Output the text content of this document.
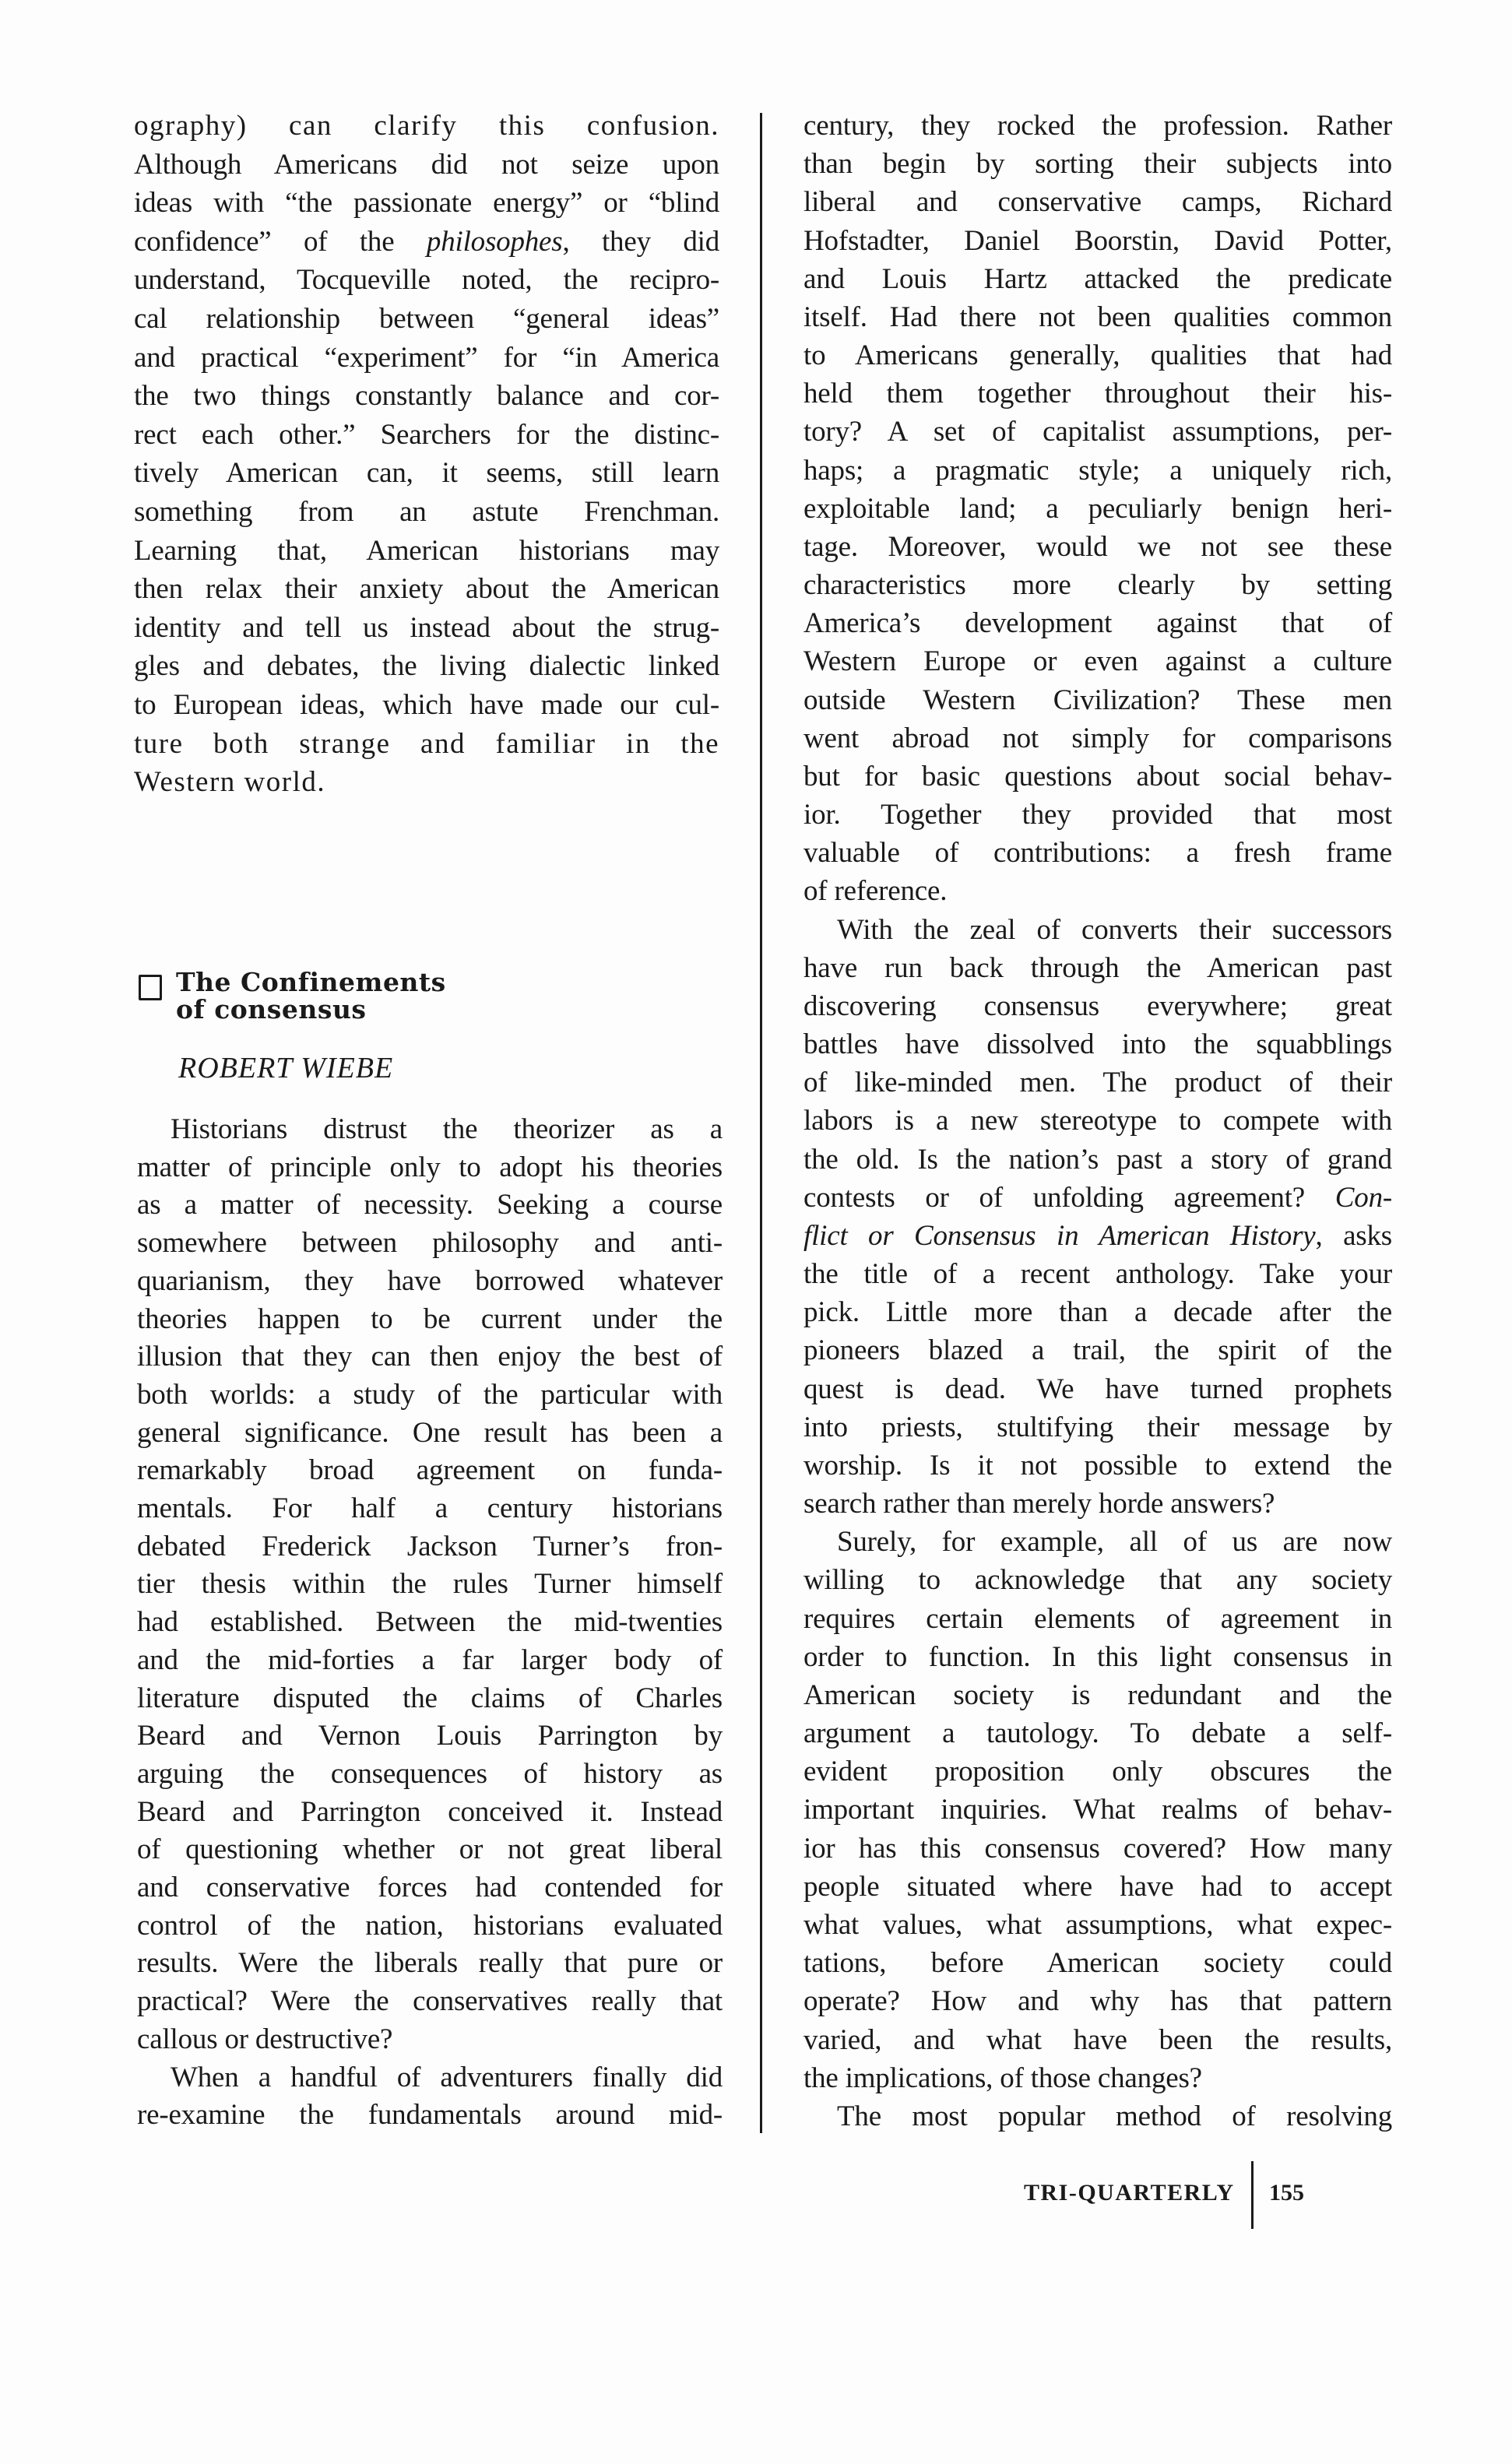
ography) can clarify this confusion.
Although Americans did not seize upon
ideas with “the passionate energy” or “blind
confidence” of the philosophes, they did
understand, Tocqueville noted, the recipro-
cal relationship between “general ideas”
and practical “experiment” for “in America
the two things constantly balance and cor-
rect each other.” Searchers for the distinc-
tively American can, it seems, still learn
something from an astute Frenchman.
Learning that, American historians may
then relax their anxiety about the American
identity and tell us instead about the strug-
gles and debates, the living dialectic linked
to European ideas, which have made our cul-
ture both strange and familiar in the
Western world.
The Confinements
of consensus
ROBERT WIEBE
Historians distrust the theorizer as a
matter of principle only to adopt his theories
as a matter of necessity. Seeking a course
somewhere between philosophy and anti-
quarianism, they have borrowed whatever
theories happen to be current under the
illusion that they can then enjoy the best of
both worlds: a study of the particular with
general significance. One result has been a
remarkably broad agreement on funda-
mentals. For half a century historians
debated Frederick Jackson Turner’s fron-
tier thesis within the rules Turner himself
had established. Between the mid-twenties
and the mid-forties a far larger body of
literature disputed the claims of Charles
Beard and Vernon Louis Parrington by
arguing the consequences of history as
Beard and Parrington conceived it. Instead
of questioning whether or not great liberal
and conservative forces had contended for
control of the nation, historians evaluated
results. Were the liberals really that pure or
practical? Were the conservatives really that
callous or destructive?
When a handful of adventurers finally did
re-examine the fundamentals around mid-
century, they rocked the profession. Rather
than begin by sorting their subjects into
liberal and conservative camps, Richard
Hofstadter, Daniel Boorstin, David Potter,
and Louis Hartz attacked the predicate
itself. Had there not been qualities common
to Americans generally, qualities that had
held them together throughout their his-
tory? A set of capitalist assumptions, per-
haps; a pragmatic style; a uniquely rich,
exploitable land; a peculiarly benign heri-
tage. Moreover, would we not see these
characteristics more clearly by setting
America’s development against that of
Western Europe or even against a culture
outside Western Civilization? These men
went abroad not simply for comparisons
but for basic questions about social behav-
ior. Together they provided that most
valuable of contributions: a fresh frame
of reference.
With the zeal of converts their successors
have run back through the American past
discovering consensus everywhere; great
battles have dissolved into the squabblings
of like-minded men. The product of their
labors is a new stereotype to compete with
the old. Is the nation’s past a story of grand
contests or of unfolding agreement? Con-
flict or Consensus in American History, asks
the title of a recent anthology. Take your
pick. Little more than a decade after the
pioneers blazed a trail, the spirit of the
quest is dead. We have turned prophets
into priests, stultifying their message by
worship. Is it not possible to extend the
search rather than merely horde answers?
Surely, for example, all of us are now
willing to acknowledge that any society
requires certain elements of agreement in
order to function. In this light consensus in
American society is redundant and the
argument a tautology. To debate a self-
evident proposition only obscures the
important inquiries. What realms of behav-
ior has this consensus covered? How many
people situated where have had to accept
what values, what assumptions, what expec-
tations, before American society could
operate? How and why has that pattern
varied, and what have been the results,
the implications, of those changes?
The most popular method of resolving
TRI-QUARTERLY 155
